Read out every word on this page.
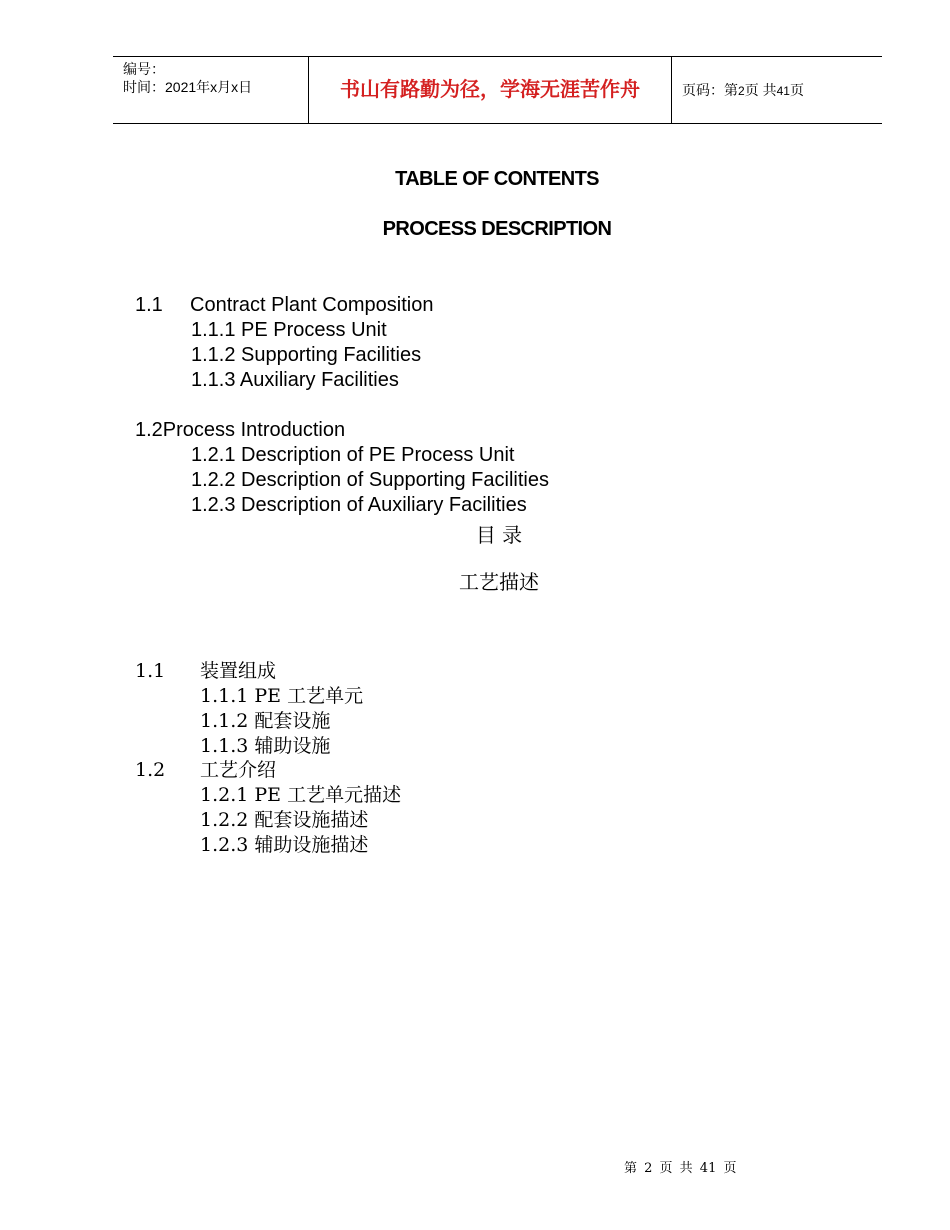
编号：
时间：2021年x月x日	书山有路勤为径，学海无涯苦作舟	页码：第2页 共41页
TABLE OF CONTENTS
PROCESS DESCRIPTION
1.1 Contract Plant Composition
1.1.1 PE Process Unit
1.1.2 Supporting Facilities
1.1.3 Auxiliary Facilities
1.2Process Introduction
1.2.1 Description of PE Process Unit
1.2.2 Description of Supporting Facilities
1.2.3 Description of Auxiliary Facilities
目 录
工艺描述
1.1 装置组成
1.1.1 PE 工艺单元
1.1.2 配套设施
1.1.3 辅助设施
1.2 工艺介绍
1.2.1 PE 工艺单元描述
1.2.2 配套设施描述
1.2.3 辅助设施描述
第 2 页 共 41 页
